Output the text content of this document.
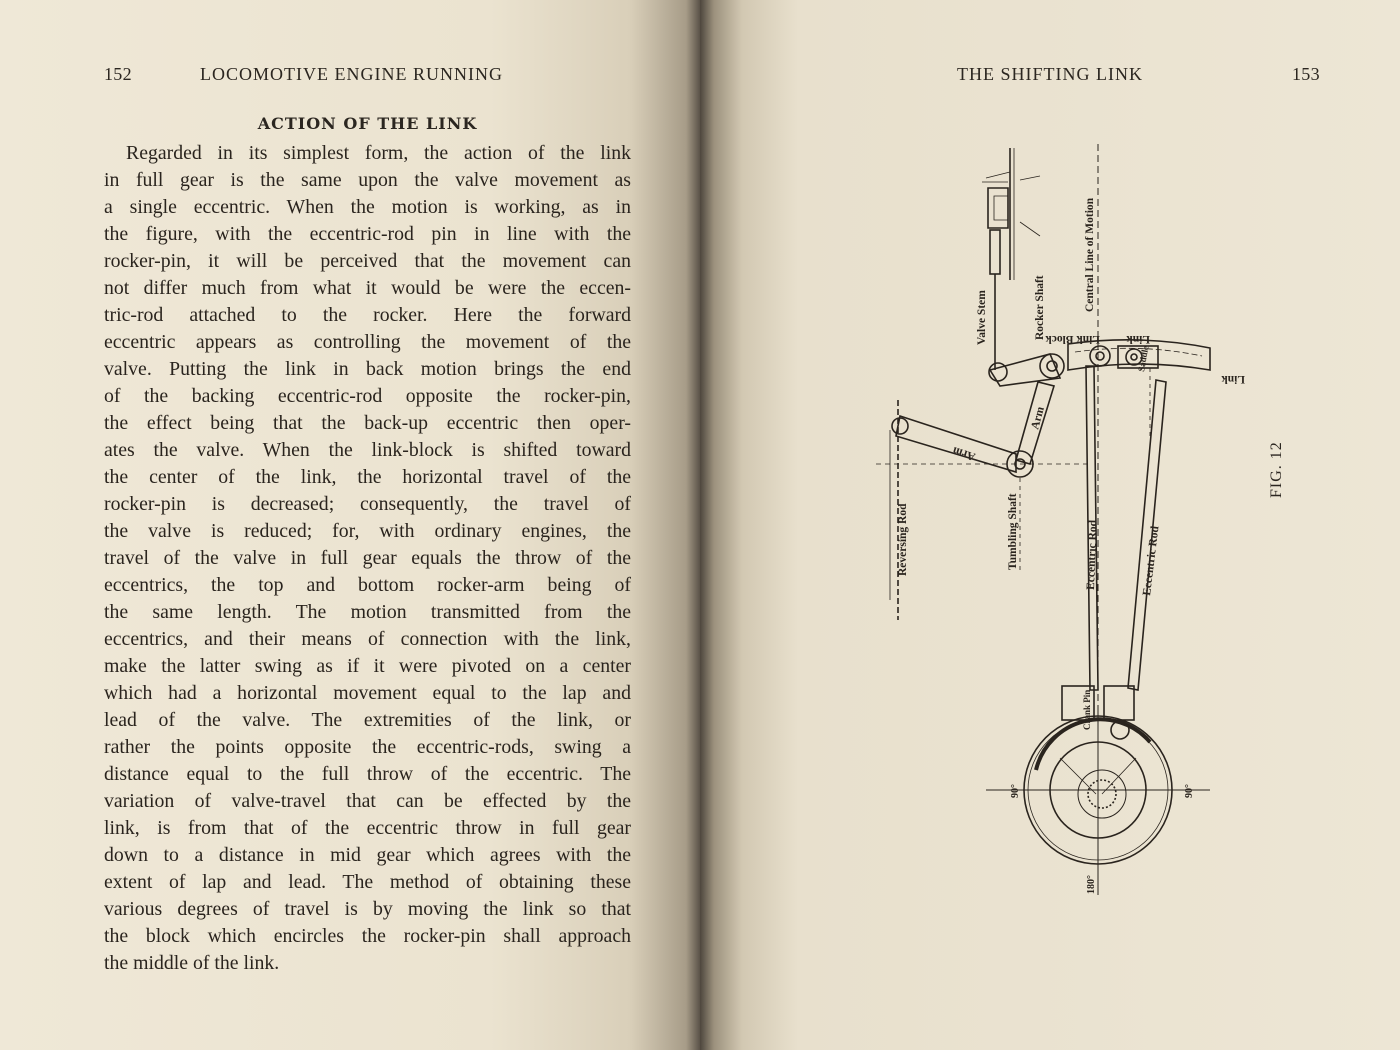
152	LOCOMOTIVE ENGINE RUNNING
ACTION OF THE LINK
Regarded in its simplest form, the action of the link
in full gear is the same upon the valve movement as
a single eccentric. When the motion is working, as in
the figure, with the eccentric-rod pin in line with the
rocker-pin, it will be perceived that the movement can
not differ much from what it would be were the eccen-
tric-rod attached to the rocker. Here the forward
eccentric appears as controlling the movement of the
valve. Putting the link in back motion brings the end
of the backing eccentric-rod opposite the rocker-pin,
the effect being that the back-up eccentric then oper-
ates the valve. When the link-block is shifted toward
the center of the link, the horizontal travel of the
rocker-pin is decreased; consequently, the travel of
the valve is reduced; for, with ordinary engines, the
travel of the valve in full gear equals the throw of the
eccentrics, the top and bottom rocker-arm being of
the same length. The motion transmitted from the
eccentrics, and their means of connection with the link,
make the latter swing as if it were pivoted on a center
which had a horizontal movement equal to the lap and
lead of the valve. The extremities of the link, or
rather the points opposite the eccentric-rods, swing a
distance equal to the full throw of the eccentric. The
variation of valve-travel that can be effected by the
link, is from that of the eccentric throw in full gear
down to a distance in mid gear which agrees with the
extent of lap and lead. The method of obtaining these
various degrees of travel is by moving the link so that
the block which encircles the rocker-pin shall approach
the middle of the link.
THE SHIFTING LINK	153
Valve Stem	Rocker Shaft	Central Line of Motion
Link Block Link
Link
Saddle
Arm
Arm
Reversing Rod	Tumbling Shaft	Eccentric Rod	Eccentric Rod
Crank Pin
90°	90°
180°
FIG. 12
